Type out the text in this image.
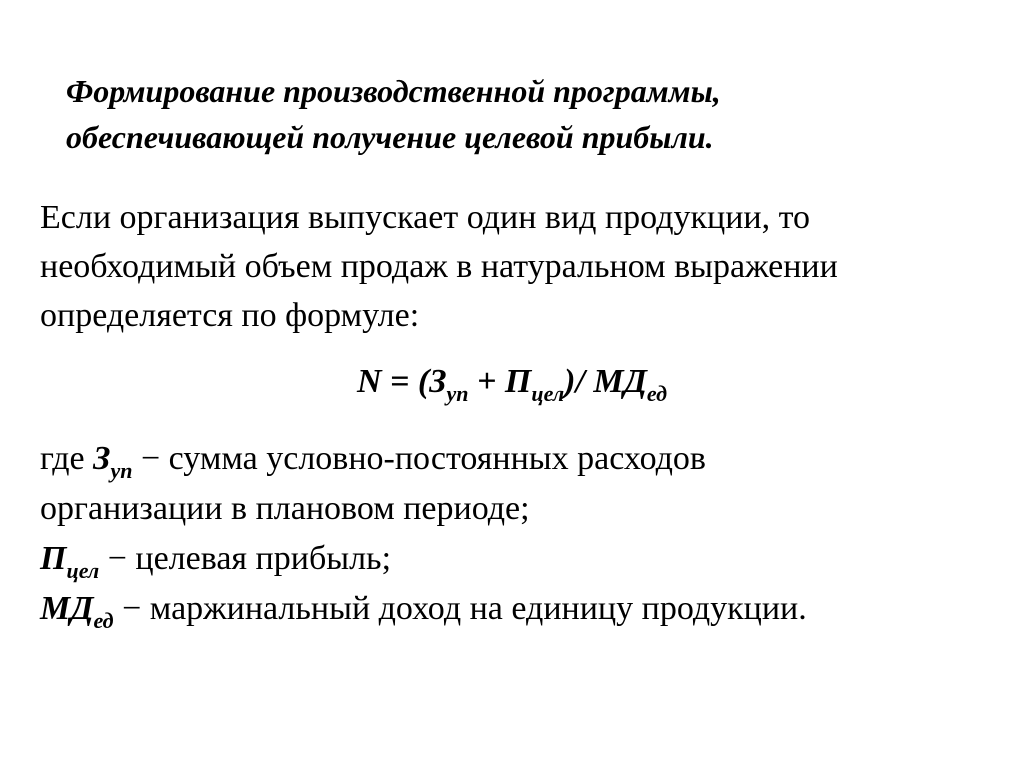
Формирование производственной программы,
обеспечивающей получение целевой прибыли.
Если организация выпускает один вид продукции, то
необходимый объем продаж в натуральном выражении
определяется по формуле:
$N = (З_{уп} + П_{цел})/$ $МД_{ед}$
где $З_{уп}$ − сумма условно-постоянных расходов
организации в плановом периоде;
$П_{цел}$ − целевая прибыль;
$МД_{ед}$ − маржинальный доход на единицу продукции.
